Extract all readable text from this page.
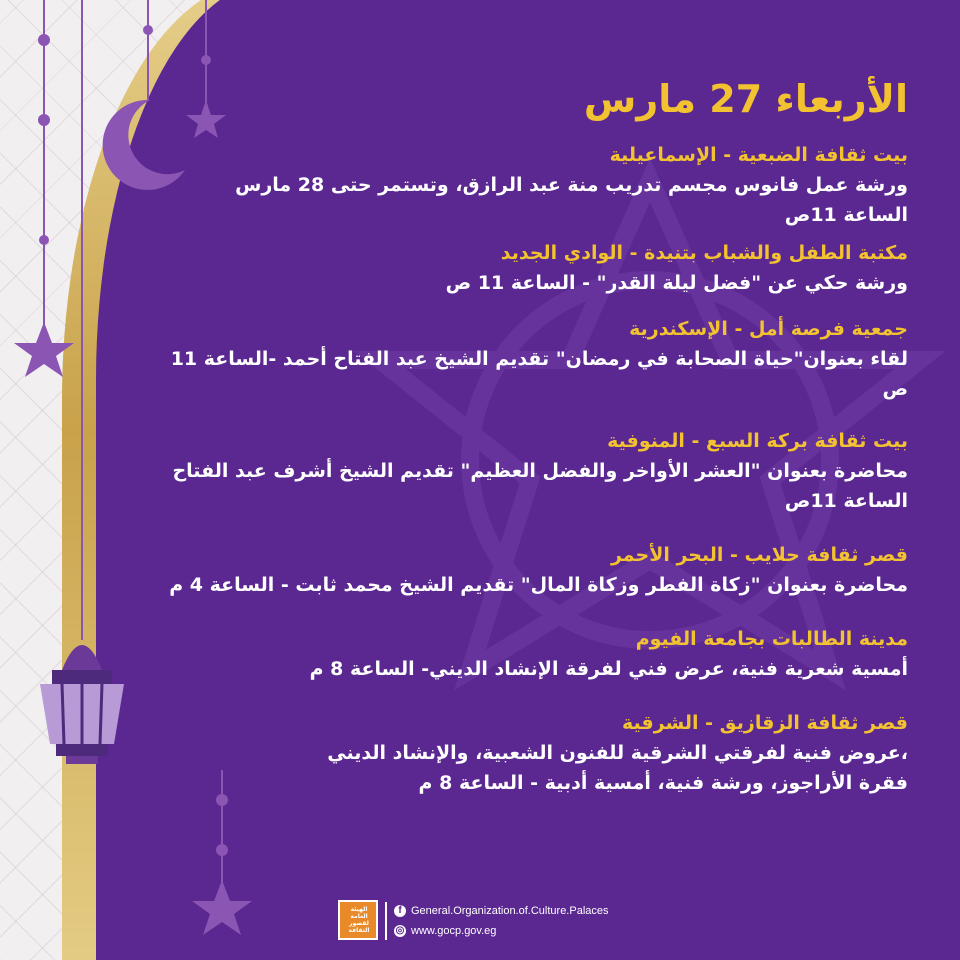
الأربعاء 27 مارس
بيت ثقافة الضبعية - الإسماعيلية
ورشة عمل فانوس مجسم تدريب منة عبد الرازق، وتستمر حتى 28 مارس
الساعة 11ص
مكتبة الطفل والشباب بتنيدة - الوادي الجديد
ورشة حكي عن "فضل ليلة القدر" - الساعة 11 ص
جمعية فرصة أمل - الإسكندرية
لقاء بعنوان"حياة الصحابة في رمضان" تقديم الشيخ عبد الفتاح أحمد -الساعة 11 ص
بيت ثقافة بركة السبع - المنوفية
محاضرة بعنوان "العشر الأواخر والفضل العظيم" تقديم الشيخ أشرف عبد الفتاح
الساعة 11ص
قصر ثقافة حلايب - البحر الأحمر
محاضرة بعنوان "زكاة الفطر وزكاة المال" تقديم الشيخ محمد ثابت - الساعة 4 م
مدينة الطالبات بجامعة الفيوم
أمسية شعرية فنية، عرض فني لفرقة الإنشاد الديني- الساعة 8 م
قصر ثقافة الزقازيق - الشرقية
،عروض فنية لفرقتي الشرقية للفنون الشعبية، والإنشاد الديني
فقرة الأراجوز، ورشة فنية، أمسية أدبية - الساعة 8 م
الهيئة العامة لقصور الثقافة
f General.Organization.of.Culture.Palaces
◎ www.gocp.gov.eg
